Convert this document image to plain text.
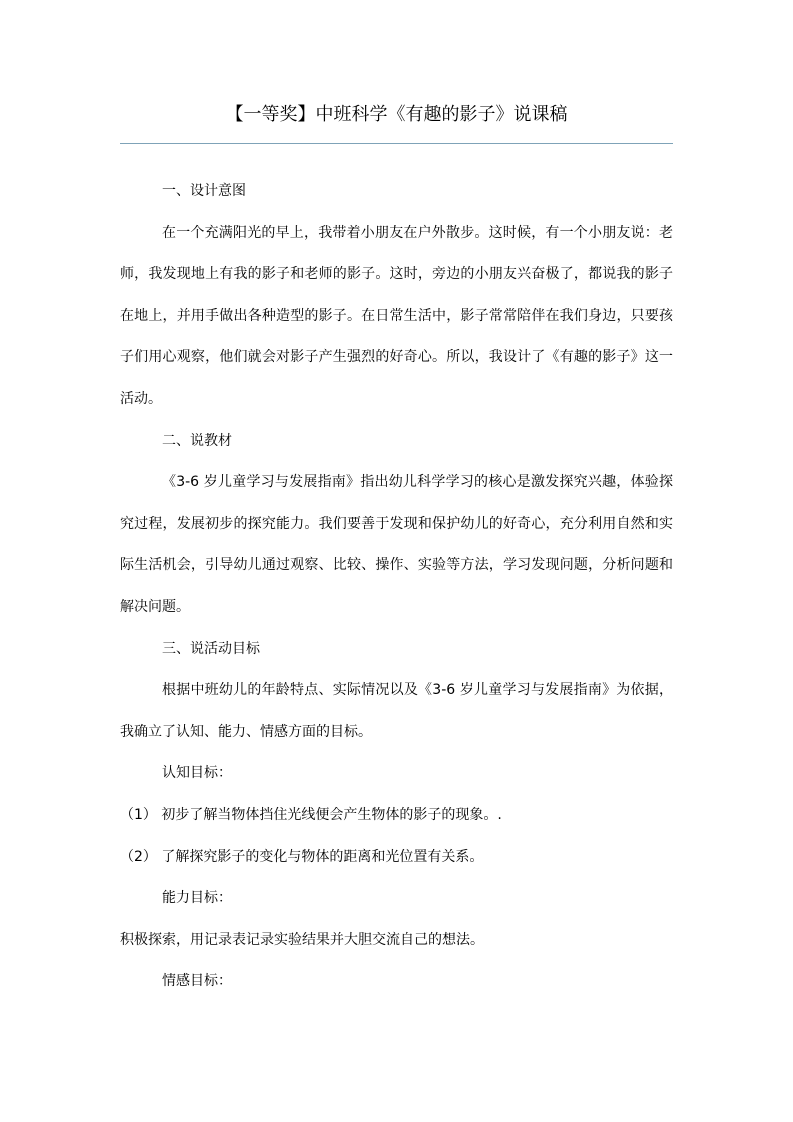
【一等奖】中班科学《有趣的影子》说课稿

一、设计意图

在一个充满阳光的早上，我带着小朋友在户外散步。这时候，有一个小朋友说：老师，我发现地上有我的影子和老师的影子。这时，旁边的小朋友兴奋极了，都说我的影子在地上，并用手做出各种造型的影子。在日常生活中，影子常常陪伴在我们身边，只要孩子们用心观察，他们就会对影子产生强烈的好奇心。所以，我设计了《有趣的影子》这一活动。

二、说教材

《3-6 岁儿童学习与发展指南》指出幼儿科学学习的核心是激发探究兴趣，体验探究过程，发展初步的探究能力。我们要善于发现和保护幼儿的好奇心，充分利用自然和实际生活机会，引导幼儿通过观察、比较、操作、实验等方法，学习发现问题，分析问题和解决问题。

三、说活动目标

根据中班幼儿的年龄特点、实际情况以及《3-6 岁儿童学习与发展指南》为依据，我确立了认知、能力、情感方面的目标。

认知目标：

（1） 初步了解当物体挡住光线便会产生物体的影子的现象。.

（2） 了解探究影子的变化与物体的距离和光位置有关系。

能力目标：

积极探索，用记录表记录实验结果并大胆交流自己的想法。

情感目标：
